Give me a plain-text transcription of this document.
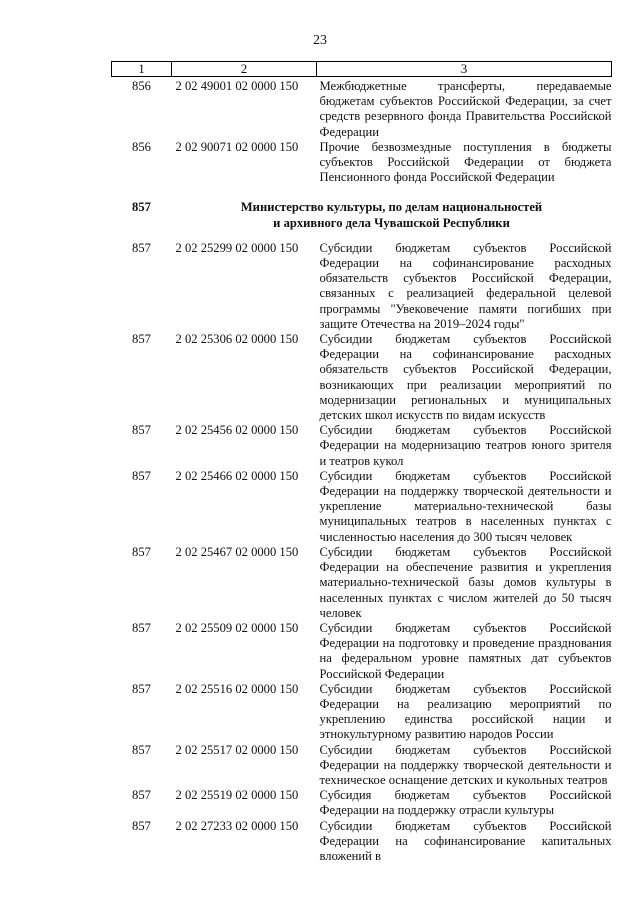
23
1	2	3

856	2 02 49001 02 0000 150	Межбюджетные трансферты, передаваемые бюджетам субъектов Российской Федерации, за счет средств резервного фонда Правительства Российской Федерации
856	2 02 90071 02 0000 150	Прочие безвозмездные поступления в бюджеты субъектов Российской Федерации от бюджета Пенсионного фонда Российской Федерации

857	Министерство культуры, по делам национальностей
и архивного дела Чувашской Республики	

857	2 02 25299 02 0000 150	Субсидии бюджетам субъектов Российской Федерации на софинансирование расходных обязательств субъектов Российской Федерации, связанных с реализацией федеральной целевой программы "Увековечение памяти погибших при защите Отечества на 2019–2024 годы"
857	2 02 25306 02 0000 150	Субсидии бюджетам субъектов Российской Федерации на софинансирование расходных обязательств субъектов Российской Федерации, возникающих при реализации мероприятий по модернизации региональных и муниципальных детских школ искусств по видам искусств
857	2 02 25456 02 0000 150	Субсидии бюджетам субъектов Российской Федерации на модернизацию театров юного зрителя и театров кукол
857	2 02 25466 02 0000 150	Субсидии бюджетам субъектов Российской Федерации на поддержку творческой деятельности и укрепление материально-технической базы муниципальных театров в населенных пунктах с численностью населения до 300 тысяч человек
857	2 02 25467 02 0000 150	Субсидии бюджетам субъектов Российской Федерации на обеспечение развития и укрепления материально-технической базы домов культуры в населенных пунктах с числом жителей до 50 тысяч человек
857	2 02 25509 02 0000 150	Субсидии бюджетам субъектов Российской Федерации на подготовку и проведение празднования на федеральном уровне памятных дат субъектов Российской Федерации
857	2 02 25516 02 0000 150	Субсидии бюджетам субъектов Российской Федерации на реализацию мероприятий по укреплению единства российской нации и этнокультурному развитию народов России
857	2 02 25517 02 0000 150	Субсидии бюджетам субъектов Российской Федерации на поддержку творческой деятельности и техническое оснащение детских и кукольных театров
857	2 02 25519 02 0000 150	Субсидия бюджетам субъектов Российской Федерации на поддержку отрасли культуры
857	2 02 27233 02 0000 150	Субсидии бюджетам субъектов Российской Федерации на софинансирование капитальных вложений в
